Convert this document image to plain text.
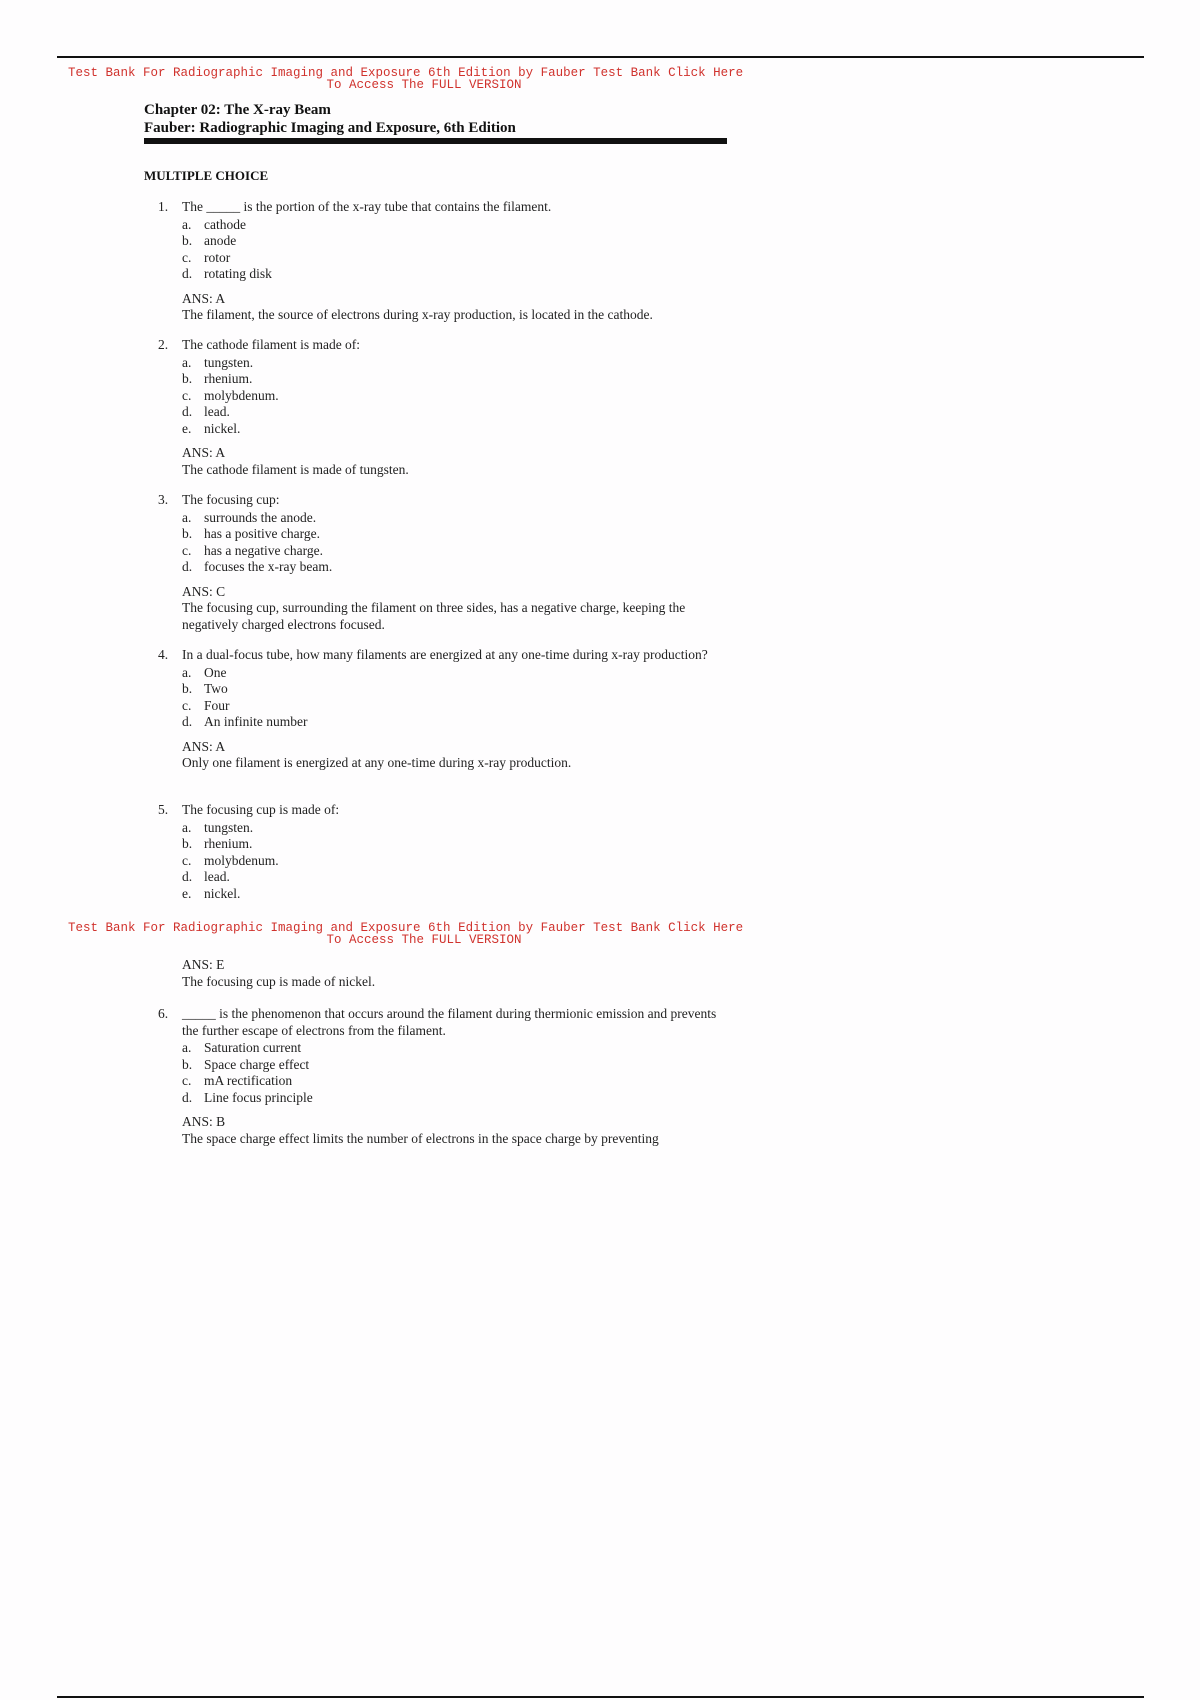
Test Bank For Radiographic Imaging and Exposure 6th Edition by Fauber Test Bank Click Here
To Access The FULL VERSION
Chapter 02: The X-ray Beam
Fauber: Radiographic Imaging and Exposure, 6th Edition
MULTIPLE CHOICE
1.	The _____ is the portion of the x-ray tube that contains the filament.
a. cathode
b. anode
c. rotor
d. rotating disk
ANS: A
The filament, the source of electrons during x-ray production, is located in the cathode.
2.	The cathode filament is made of:
a. tungsten.
b. rhenium.
c. molybdenum.
d. lead.
e. nickel.
ANS: A
The cathode filament is made of tungsten.
3.	The focusing cup:
a. surrounds the anode.
b. has a positive charge.
c. has a negative charge.
d. focuses the x-ray beam.
ANS: C
The focusing cup, surrounding the filament on three sides, has a negative charge, keeping the negatively charged electrons focused.
4.	In a dual-focus tube, how many filaments are energized at any one-time during x-ray production?
a. One
b. Two
c. Four
d. An infinite number
ANS: A
Only one filament is energized at any one-time during x-ray production.
5.	The focusing cup is made of:
a. tungsten.
b. rhenium.
c. molybdenum.
d. lead.
e. nickel.
Test Bank For Radiographic Imaging and Exposure 6th Edition by Fauber Test Bank Click Here
To Access The FULL VERSION
ANS: E
The focusing cup is made of nickel.
6.	_____ is the phenomenon that occurs around the filament during thermionic emission and prevents the further escape of electrons from the filament.
a. Saturation current
b. Space charge effect
c. mA rectification
d. Line focus principle
ANS: B
The space charge effect limits the number of electrons in the space charge by preventing
